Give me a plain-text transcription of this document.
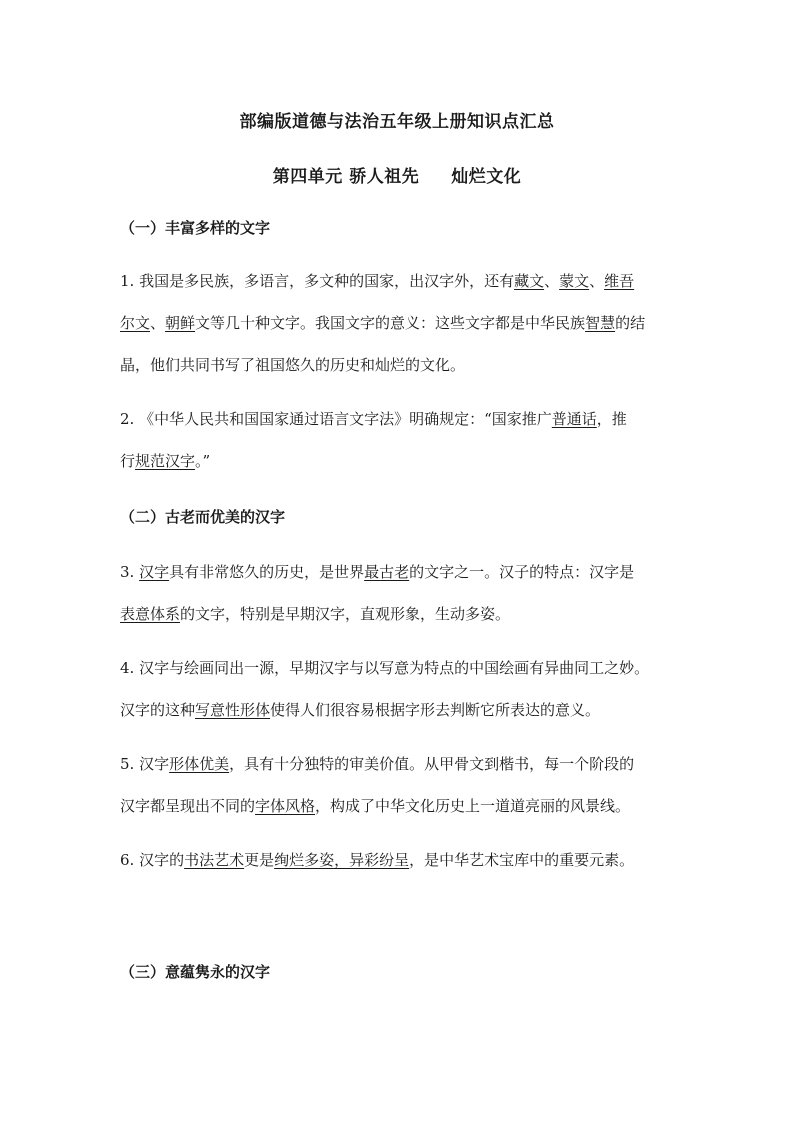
部编版道德与法治五年级上册知识点汇总
第四单元 骄人祖先 灿烂文化
（一）丰富多样的文字
1. 我国是多民族，多语言，多文种的国家，出汉字外，还有藏文、蒙文、维吾
尔文、朝鲜文等几十种文字。我国文字的意义：这些文字都是中华民族智慧的结
晶，他们共同书写了祖国悠久的历史和灿烂的文化。
2. 《中华人民共和国国家通过语言文字法》明确规定：“国家推广普通话，推
行规范汉字。”
（二）古老而优美的汉字
3. 汉字具有非常悠久的历史，是世界最古老的文字之一。汉子的特点：汉字是
表意体系的文字，特别是早期汉字，直观形象，生动多姿。
4. 汉字与绘画同出一源，早期汉字与以写意为特点的中国绘画有异曲同工之妙。
汉字的这种写意性形体使得人们很容易根据字形去判断它所表达的意义。
5. 汉字形体优美，具有十分独特的审美价值。从甲骨文到楷书，每一个阶段的
汉字都呈现出不同的字体风格，构成了中华文化历史上一道道亮丽的风景线。
6. 汉字的书法艺术更是绚烂多姿，异彩纷呈，是中华艺术宝库中的重要元素。
（三）意蕴隽永的汉字
